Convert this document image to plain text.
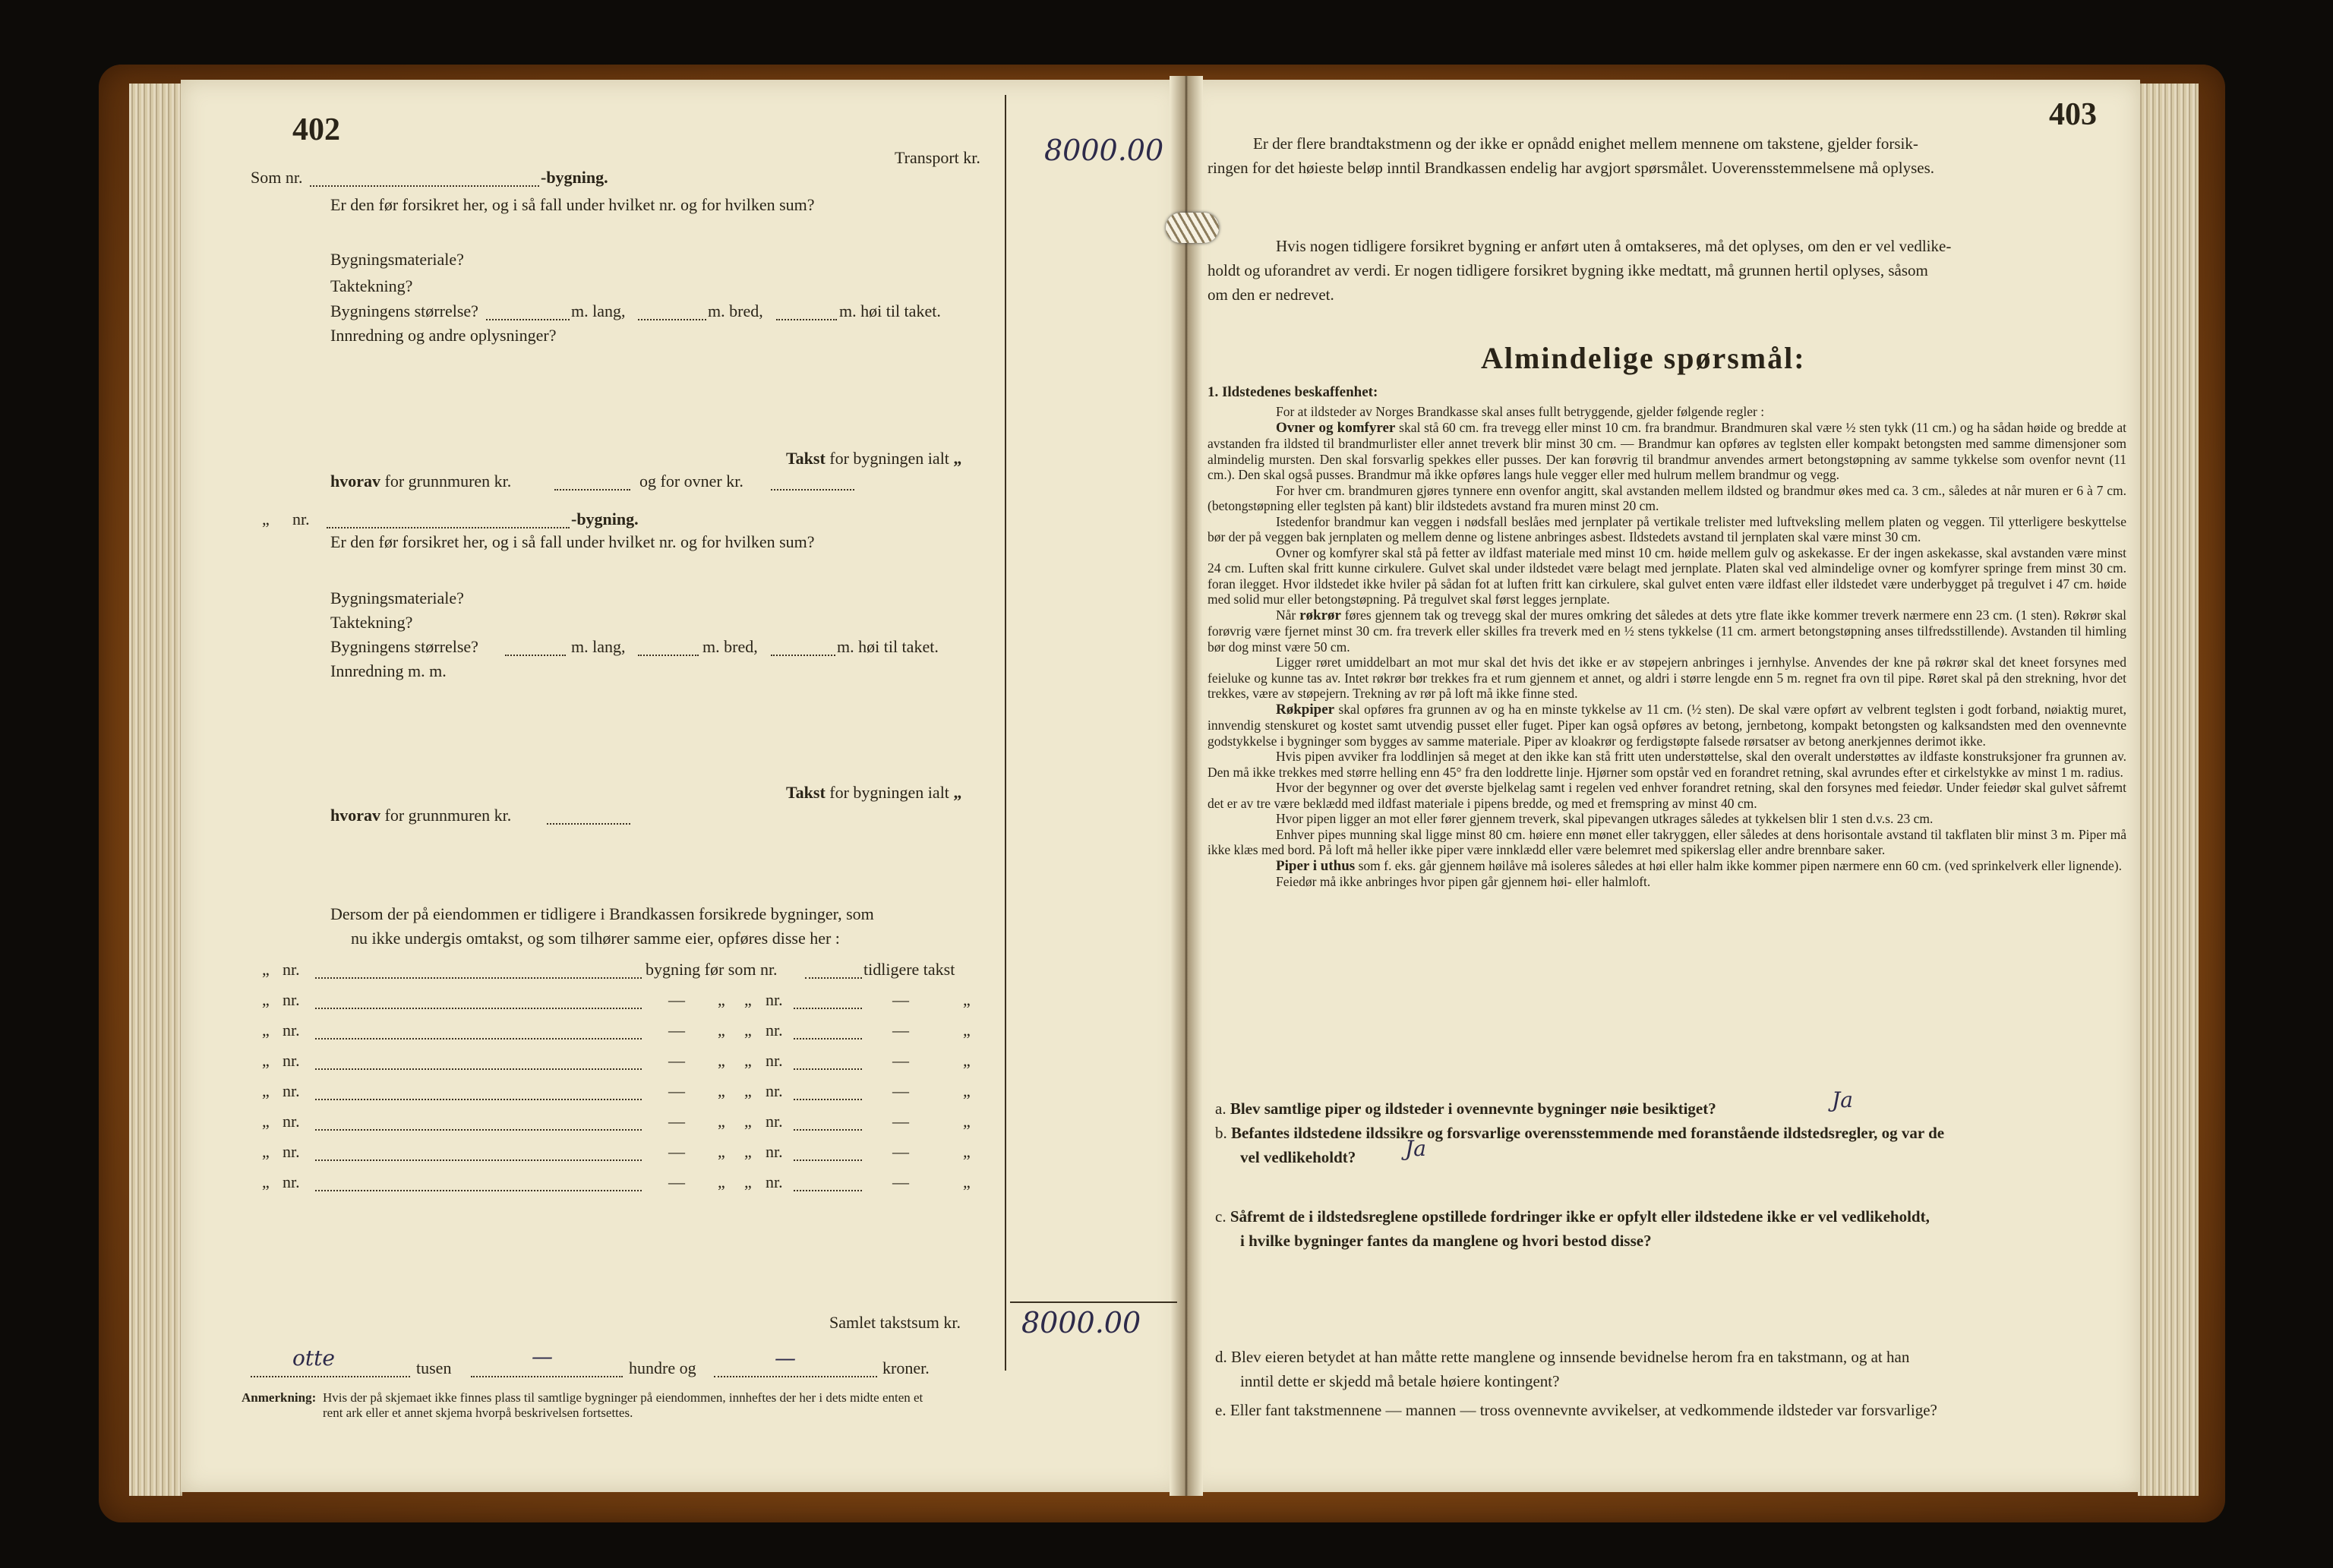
402
Transport kr. 8000.00
Som nr.	-bygning.
Er den før forsikret her, og i så fall under hvilket nr. og for hvilken sum?
Bygningsmateriale?
Taktekning?
Bygningens størrelse?	m. lang,	m. bred,	m. høi til taket.
Innredning og andre oplysninger?
Takst for bygningen ialt „
hvorav for grunnmuren kr.	og for ovner kr.
„ nr.	-bygning.
Er den før forsikret her, og i så fall under hvilket nr. og for hvilken sum?
Bygningsmateriale?
Taktekning?
Bygningens størrelse?	m. lang,	m. bred,	m. høi til taket.
Innredning m. m.
Takst for bygningen ialt „
hvorav for grunnmuren kr.
Dersom der på eiendommen er tidligere i Brandkassen forsikrede bygninger, som
nu ikke undergis omtakst, og som tilhører samme eier, opføres disse her :
„ nr.	bygning før som nr.	tidligere takst
„ nr.	— „ „ nr.	—	„
„ nr.	— „ „ nr.	—	„
„ nr.	— „ „ nr.	—	„
„ nr.	— „ „ nr.	—	„
„ nr.	— „ „ nr.	—	„
„ nr.	— „ „ nr.	—	„
„ nr.	— „ „ nr.	—	„
Samlet takstsum kr. 8000.00
otte	tusen	—	hundre og	—	kroner.
Anmerkning: Hvis der på skjemaet ikke finnes plass til samtlige bygninger på eiendommen, innheftes der her i dets midte enten et
rent ark eller et annet skjema hvorpå beskrivelsen fortsettes.
403
Er der flere brandtakstmenn og der ikke er opnådd enighet mellem mennene om takstene, gjelder forsik-
ringen for det høieste beløp inntil Brandkassen endelig har avgjort spørsmålet. Uoverensstemmelsene må oplyses.
Hvis nogen tidligere forsikret bygning er anført uten å omtakseres, må det oplyses, om den er vel vedlike-
holdt og uforandret av verdi. Er nogen tidligere forsikret bygning ikke medtatt, må grunnen hertil oplyses, såsom
om den er nedrevet.
Almindelige spørsmål:
1. Ildstedenes beskaffenhet:
For at ildsteder av Norges Brandkasse skal anses fullt betryggende, gjelder følgende regler :
Ovner og komfyrer skal stå 60 cm. fra trevegg eller minst 10 cm. fra brandmur. Brandmuren skal være ½ sten tykk (11 cm.) og ha sådan høide og bredde at avstanden fra ildsted til brandmurlister eller annet treverk blir minst 30 cm. — Brandmur kan opføres av teglsten eller kompakt betongsten med samme dimensjoner som almindelig mursten. Den skal forsvarlig spekkes eller pusses. Der kan forøvrig til brandmur anvendes armert betongstøpning av samme tykkelse som ovenfor nevnt (11 cm.). Den skal også pusses. Brandmur må ikke opføres langs hule vegger eller med hulrum mellem brandmur og vegg.
For hver cm. brandmuren gjøres tynnere enn ovenfor angitt, skal avstanden mellem ildsted og brandmur økes med ca. 3 cm., således at når muren er 6 à 7 cm. (betongstøpning eller teglsten på kant) blir ildstedets avstand fra muren minst 20 cm.
Istedenfor brandmur kan veggen i nødsfall beslåes med jernplater på vertikale trelister med luftveksling mellem platen og veggen. Til ytterligere beskyttelse bør der på veggen bak jernplaten og mellem denne og listene anbringes asbest. Ildstedets avstand til jernplaten skal være minst 30 cm.
Ovner og komfyrer skal stå på fetter av ildfast materiale med minst 10 cm. høide mellem gulv og askekasse. Er der ingen askekasse, skal avstanden være minst 24 cm. Luften skal fritt kunne cirkulere. Gulvet skal under ildstedet være belagt med jernplate. Platen skal ved almindelige ovner og komfyrer springe frem minst 30 cm. foran ilegget. Hvor ildstedet ikke hviler på sådan fot at luften fritt kan cirkulere, skal gulvet enten være ildfast eller ildstedet være underbygget på tregulvet i 47 cm. høide med solid mur eller betongstøpning. På tregulvet skal først legges jernplate.
Når røkrør føres gjennem tak og trevegg skal der mures omkring det således at dets ytre flate ikke kommer treverk nærmere enn 23 cm. (1 sten). Røkrør skal forøvrig være fjernet minst 30 cm. fra treverk eller skilles fra treverk med en ½ stens tykkelse (11 cm. armert betongstøpning anses tilfredsstillende). Avstanden til himling bør dog minst være 50 cm.
Ligger røret umiddelbart an mot mur skal det hvis det ikke er av støpejern anbringes i jernhylse. Anvendes der kne på røkrør skal det kneet forsynes med feieluke og kunne tas av. Intet røkrør bør trekkes fra et rum gjennem et annet, og aldri i større lengde enn 5 m. regnet fra ovn til pipe. Røret skal på den strekning, hvor det trekkes, være av støpejern. Trekning av rør på loft må ikke finne sted.
Røkpiper skal opføres fra grunnen av og ha en minste tykkelse av 11 cm. (½ sten). De skal være opført av velbrent teglsten i godt forband, nøiaktig muret, innvendig stenskuret og kostet samt utvendig pusset eller fuget. Piper kan også opføres av betong, jernbetong, kompakt betongsten og kalksandsten med den ovennevnte godstykkelse i bygninger som bygges av samme materiale. Piper av kloakrør og ferdigstøpte falsede rørsatser av betong anerkjennes derimot ikke.
Hvis pipen avviker fra loddlinjen så meget at den ikke kan stå fritt uten understøttelse, skal den overalt understøttes av ildfaste konstruksjoner fra grunnen av. Den må ikke trekkes med større helling enn 45° fra den loddrette linje. Hjørner som opstår ved en forandret retning, skal avrundes efter et cirkelstykke av minst 1 m. radius.
Hvor der begynner og over det øverste bjelkelag samt i regelen ved enhver forandret retning, skal den forsynes med feiedør. Under feiedør skal gulvet såfremt det er av tre være beklædd med ildfast materiale i pipens bredde, og med et fremspring av minst 40 cm.
Hvor pipen ligger an mot eller fører gjennem treverk, skal pipevangen utkrages således at tykkelsen blir 1 sten d.v.s. 23 cm.
Enhver pipes munning skal ligge minst 80 cm. høiere enn mønet eller takryggen, eller således at dens horisontale avstand til takflaten blir minst 3 m. Piper må ikke klæs med bord. På loft må heller ikke piper være innklædd eller være belemret med spikerslag eller andre brennbare saker.
Piper i uthus som f. eks. går gjennem høilåve må isoleres således at høi eller halm ikke kommer pipen nærmere enn 60 cm. (ved sprinkelverk eller lignende).
Feiedør må ikke anbringes hvor pipen går gjennem høi- eller halmloft.
a. Blev samtlige piper og ildsteder i ovennevnte bygninger nøie besiktiget?	Ja
b. Befantes ildstedene ildssikre og forsvarlige overensstemmende med foranstående ildstedsregler, og var de
vel vedlikeholdt? Ja
c. Såfremt de i ildstedsreglene opstillede fordringer ikke er opfylt eller ildstedene ikke er vel vedlikeholdt,
i hvilke bygninger fantes da manglene og hvori bestod disse?
d. Blev eieren betydet at han måtte rette manglene og innsende bevidnelse herom fra en takstmann, og at han
inntil dette er skjedd må betale høiere kontingent?
e. Eller fant takstmennene — mannen — tross ovennevnte avvikelser, at vedkommende ildsteder var forsvarlige?
